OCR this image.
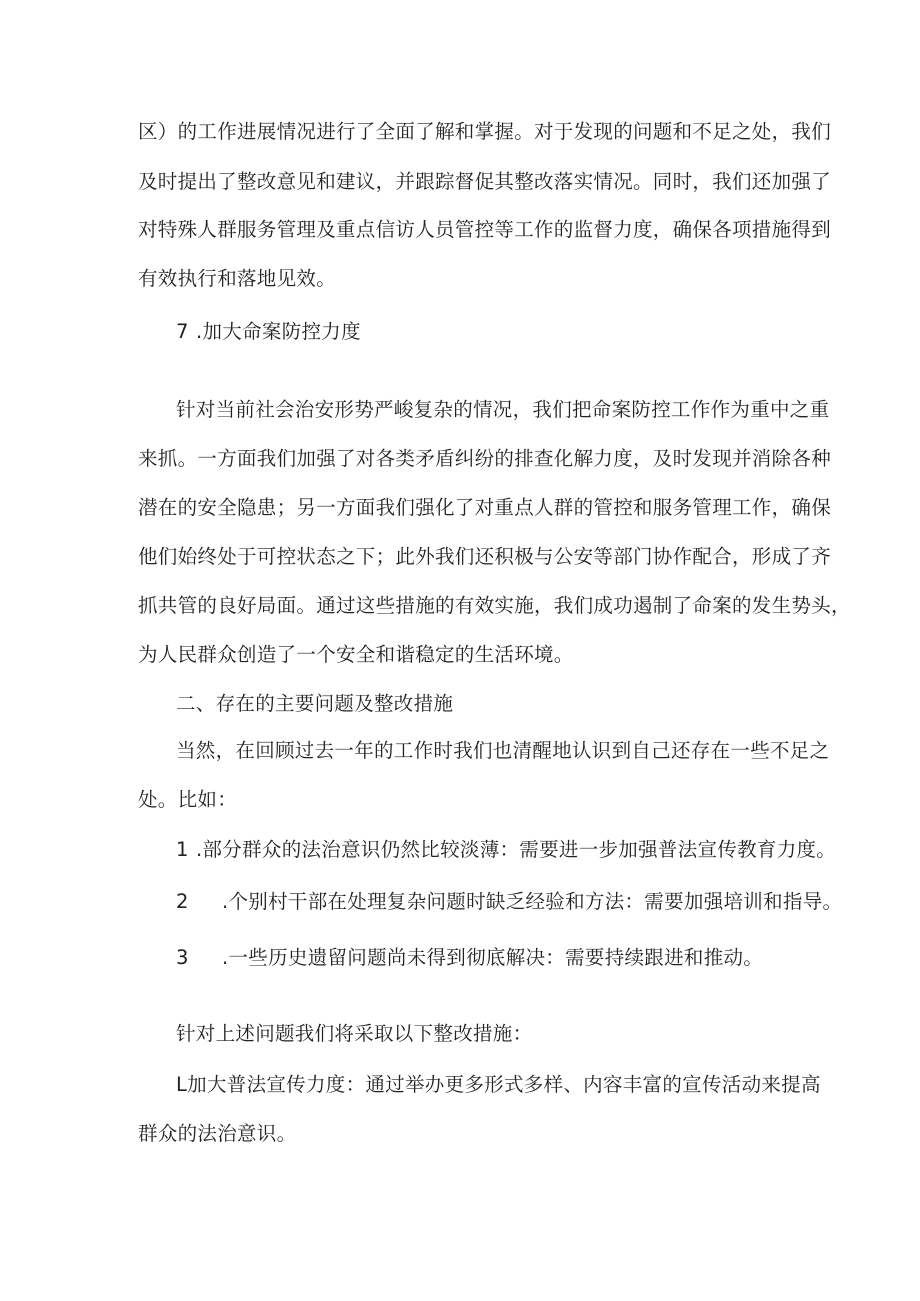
区）的工作进展情况进行了全面了解和掌握。对于发现的问题和不足之处，我们
及时提出了整改意见和建议，并跟踪督促其整改落实情况。同时，我们还加强了
对特殊人群服务管理及重点信访人员管控等工作的监督力度，确保各项措施得到
有效执行和落地见效。
7 .加大命案防控力度
针对当前社会治安形势严峻复杂的情况，我们把命案防控工作作为重中之重
来抓。一方面我们加强了对各类矛盾纠纷的排查化解力度，及时发现并消除各种
潜在的安全隐患；另一方面我们强化了对重点人群的管控和服务管理工作，确保
他们始终处于可控状态之下；此外我们还积极与公安等部门协作配合，形成了齐
抓共管的良好局面。通过这些措施的有效实施，我们成功遏制了命案的发生势头，
为人民群众创造了一个安全和谐稳定的生活环境。
二、存在的主要问题及整改措施
当然，在回顾过去一年的工作时我们也清醒地认识到自己还存在一些不足之
处。比如：
1 .部分群众的法治意识仍然比较淡薄：需要进一步加强普法宣传教育力度。
2 .个别村干部在处理复杂问题时缺乏经验和方法：需要加强培训和指导。
3 .一些历史遗留问题尚未得到彻底解决：需要持续跟进和推动。
针对上述问题我们将采取以下整改措施：
L加大普法宣传力度：通过举办更多形式多样、内容丰富的宣传活动来提高
群众的法治意识。
